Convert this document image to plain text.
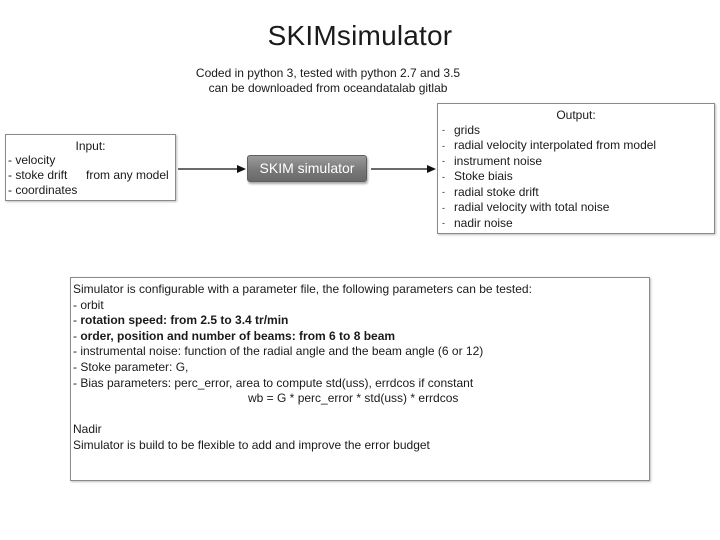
SKIMsimulator
Coded in python 3, tested with python 2.7 and 3.5
can be downloaded from oceandatalab gitlab
Input:
- velocity
- stoke drift
- coordinates
from any model	SKIM simulator
Output:
- grids
- radial velocity interpolated from model
- instrument noise
- Stoke biais
- radial stoke drift
- radial velocity with total noise
- nadir noise
Simulator is configurable with a parameter file, the following parameters can be tested:
- orbit
- rotation speed: from 2.5 to 3.4 tr/min
- order, position and number of beams: from 6 to 8 beam
- instrumental noise: function of the radial angle and the beam angle (6 or 12)
- Stoke parameter: G,
- Bias parameters: perc_error, area to compute std(uss), errdcos if constant
wb = G * perc_error * std(uss) * errdcos
Nadir
Simulator is build to be flexible to add and improve the error budget
